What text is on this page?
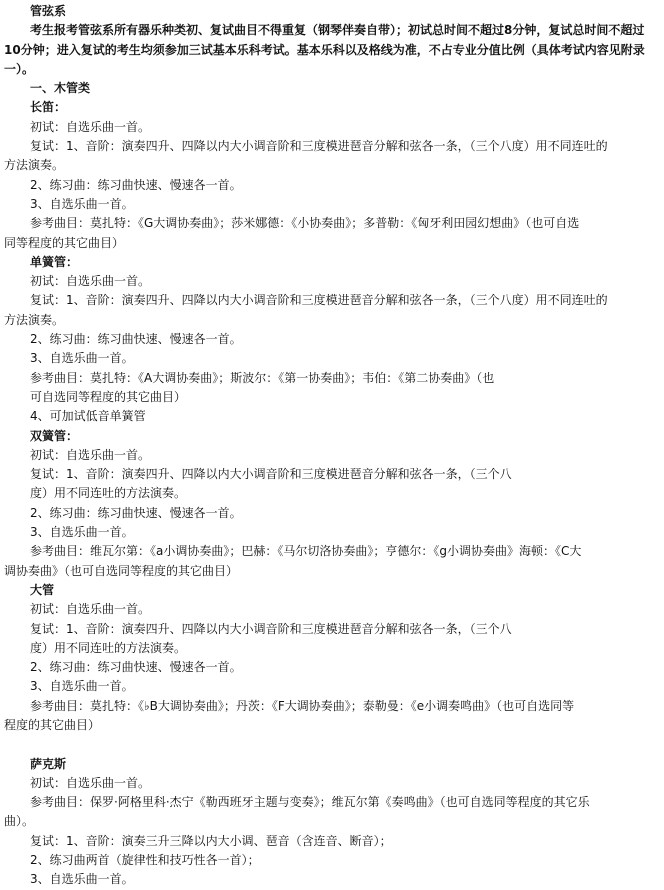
管弦系
考生报考管弦系所有器乐种类初、复试曲目不得重复（钢琴伴奏自带）；初试总时间不超过8分钟，复试总时间不超过10分钟；进入复试的考生均须参加三试基本乐科考试。基本乐科以及格线为准，不占专业分值比例（具体考试内容见附录一）。
一、木管类
长笛：
初试：自选乐曲一首。
复试：1、音阶：演奏四升、四降以内大小调音阶和三度模进琶音分解和弦各一条，（三个八度）用不同连吐的
方法演奏。
2、练习曲：练习曲快速、慢速各一首。
3、自选乐曲一首。
参考曲目：莫扎特：《G大调协奏曲》；莎米娜德：《小协奏曲》；多普勒：《匈牙利田园幻想曲》（也可自选
同等程度的其它曲目）
单簧管：
初试：自选乐曲一首。
复试：1、音阶：演奏四升、四降以内大小调音阶和三度模进琶音分解和弦各一条，（三个八度）用不同连吐的
方法演奏。
2、练习曲：练习曲快速、慢速各一首。
3、自选乐曲一首。
参考曲目：莫扎特：《A大调协奏曲》；斯波尔：《第一协奏曲》；韦伯：《第二协奏曲》（也
可自选同等程度的其它曲目）
4、可加试低音单簧管
双簧管：
初试：自选乐曲一首。
复试：1、音阶：演奏四升、四降以内大小调音阶和三度模进琶音分解和弦各一条，（三个八
度）用不同连吐的方法演奏。
2、练习曲：练习曲快速、慢速各一首。
3、自选乐曲一首。
参考曲目：维瓦尔第：《a小调协奏曲》；巴赫：《马尔切洛协奏曲》；亨德尔：《g小调协奏曲》海顿：《C大
调协奏曲》（也可自选同等程度的其它曲目）
大管
初试：自选乐曲一首。
复试：1、音阶：演奏四升、四降以内大小调音阶和三度模进琶音分解和弦各一条，（三个八
度）用不同连吐的方法演奏。
2、练习曲：练习曲快速、慢速各一首。
3、自选乐曲一首。
参考曲目：莫扎特：《♭B大调协奏曲》；丹茨：《F大调协奏曲》；泰勒曼：《e小调奏鸣曲》（也可自选同等
程度的其它曲目）
萨克斯
初试：自选乐曲一首。
参考曲目：保罗·阿格里科·杰宁《勒西班牙主题与变奏》；维瓦尔第《奏鸣曲》（也可自选同等程度的其它乐
曲）。
复试：1、音阶：演奏三升三降以内大小调、琶音（含连音、断音）；
2、练习曲两首（旋律性和技巧性各一首）；
3、自选乐曲一首。
